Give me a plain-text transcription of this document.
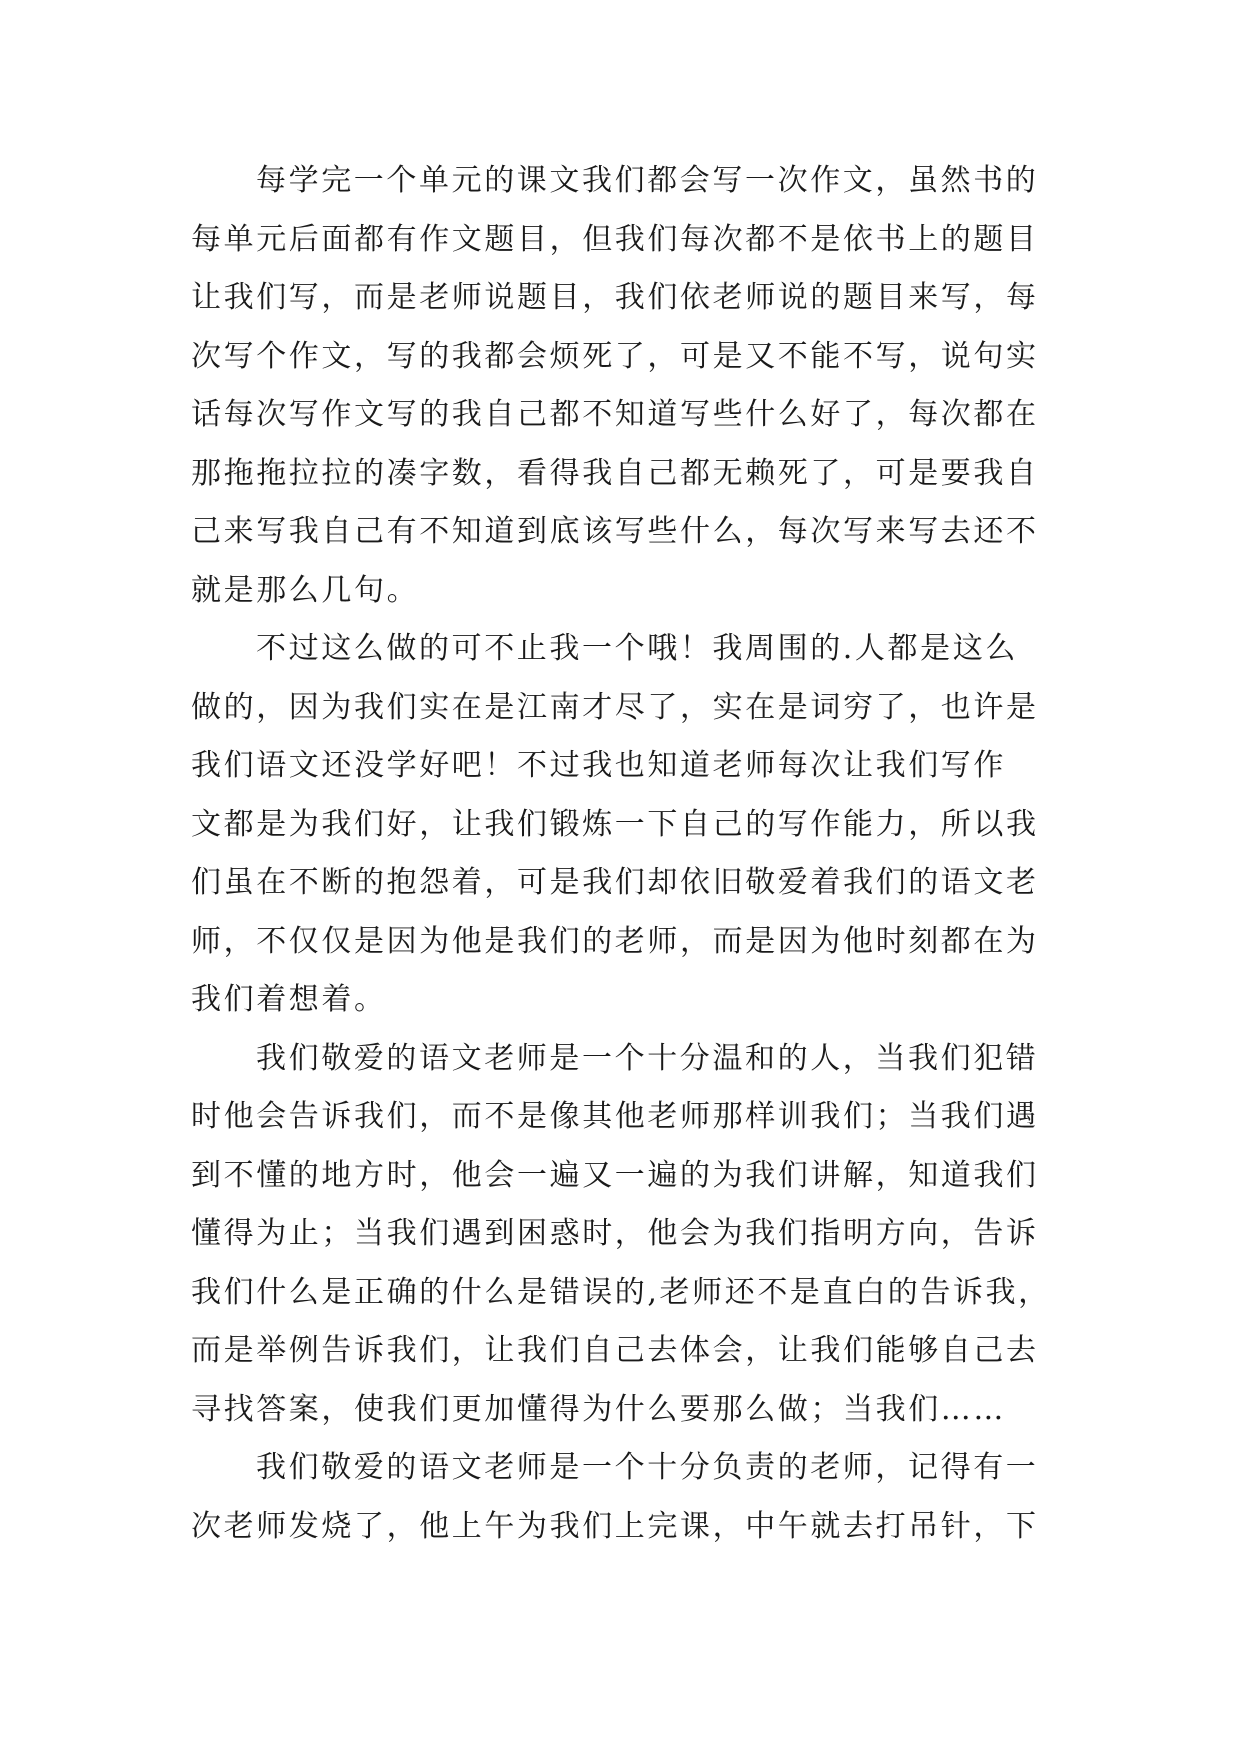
每学完一个单元的课文我们都会写一次作文，虽然书的
每单元后面都有作文题目，但我们每次都不是依书上的题目
让我们写，而是老师说题目，我们依老师说的题目来写，每
次写个作文，写的我都会烦死了，可是又不能不写，说句实
话每次写作文写的我自己都不知道写些什么好了，每次都在
那拖拖拉拉的凑字数，看得我自己都无赖死了，可是要我自
己来写我自己有不知道到底该写些什么，每次写来写去还不
就是那么几句。
不过这么做的可不止我一个哦！我周围的.人都是这么
做的，因为我们实在是江南才尽了，实在是词穷了，也许是
我们语文还没学好吧！不过我也知道老师每次让我们写作
文都是为我们好，让我们锻炼一下自己的写作能力，所以我
们虽在不断的抱怨着，可是我们却依旧敬爱着我们的语文老
师，不仅仅是因为他是我们的老师，而是因为他时刻都在为
我们着想着。
我们敬爱的语文老师是一个十分温和的人，当我们犯错
时他会告诉我们，而不是像其他老师那样训我们；当我们遇
到不懂的地方时，他会一遍又一遍的为我们讲解，知道我们
懂得为止；当我们遇到困惑时，他会为我们指明方向，告诉
我们什么是正确的什么是错误的,老师还不是直白的告诉我，
而是举例告诉我们，让我们自己去体会，让我们能够自己去
寻找答案，使我们更加懂得为什么要那么做；当我们……
我们敬爱的语文老师是一个十分负责的老师，记得有一
次老师发烧了，他上午为我们上完课，中午就去打吊针，下
